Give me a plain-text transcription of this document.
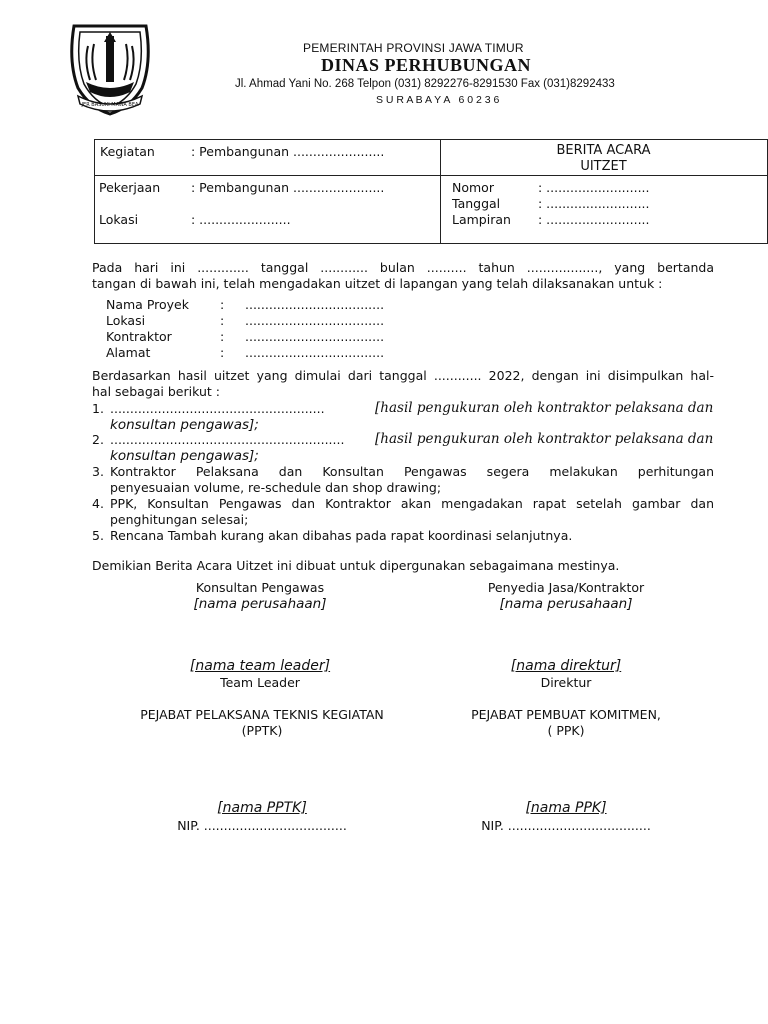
JER BASUKI MAWA BEA
PEMERINTAH PROVINSI JAWA TIMUR
DINAS PERHUBUNGAN
Jl. Ahmad Yani No. 268 Telpon (031) 8292276-8291530 Fax (031)8292433
S U R A B A Y A   6 0 2 3 6
Kegiatan	: Pembangunan .......................
Pekerjaan : Pembangunan .......................
Lokasi	: .......................
BERITA ACARA
UITZET
Nomor	: ..........................
Tanggal	: ..........................
Lampiran : ..........................
Pada hari ini ............. tanggal ............ bulan .......... tahun .................., yang bertanda
tangan di bawah ini, telah mengadakan uitzet di lapangan yang telah dilaksanakan untuk :
Nama Proyek : ...................................
Lokasi	: ...................................
Kontraktor	: ...................................
Alamat	: ...................................
Berdasarkan hasil uitzet yang dimulai dari tanggal ............ 2022, dengan ini disimpulkan hal-
hal sebagai berikut :
1. ......................................................	[hasil pengukuran oleh kontraktor pelaksana dan
konsultan pengawas];
2. ........................................................... [hasil pengukuran oleh kontraktor pelaksana dan
konsultan pengawas];
3. Kontraktor Pelaksana dan Konsultan Pengawas segera melakukan perhitungan
penyesuaian volume, re-schedule dan shop drawing;
4. PPK, Konsultan Pengawas dan Kontraktor akan mengadakan rapat setelah gambar dan
penghitungan selesai;
5. Rencana Tambah kurang akan dibahas pada rapat koordinasi selanjutnya.
Demikian Berita Acara Uitzet ini dibuat untuk dipergunakan sebagaimana mestinya.
Konsultan Pengawas
[nama perusahaan]
Penyedia Jasa/Kontraktor
[nama perusahaan]
[nama team leader]
Team Leader
[nama direktur]
Direktur
PEJABAT PELAKSANA TEKNIS KEGIATAN
(PPTK)
PEJABAT PEMBUAT KOMITMEN,
( PPK)
[nama PPTK]
NIP. ....................................
[nama PPK]
NIP. ....................................
